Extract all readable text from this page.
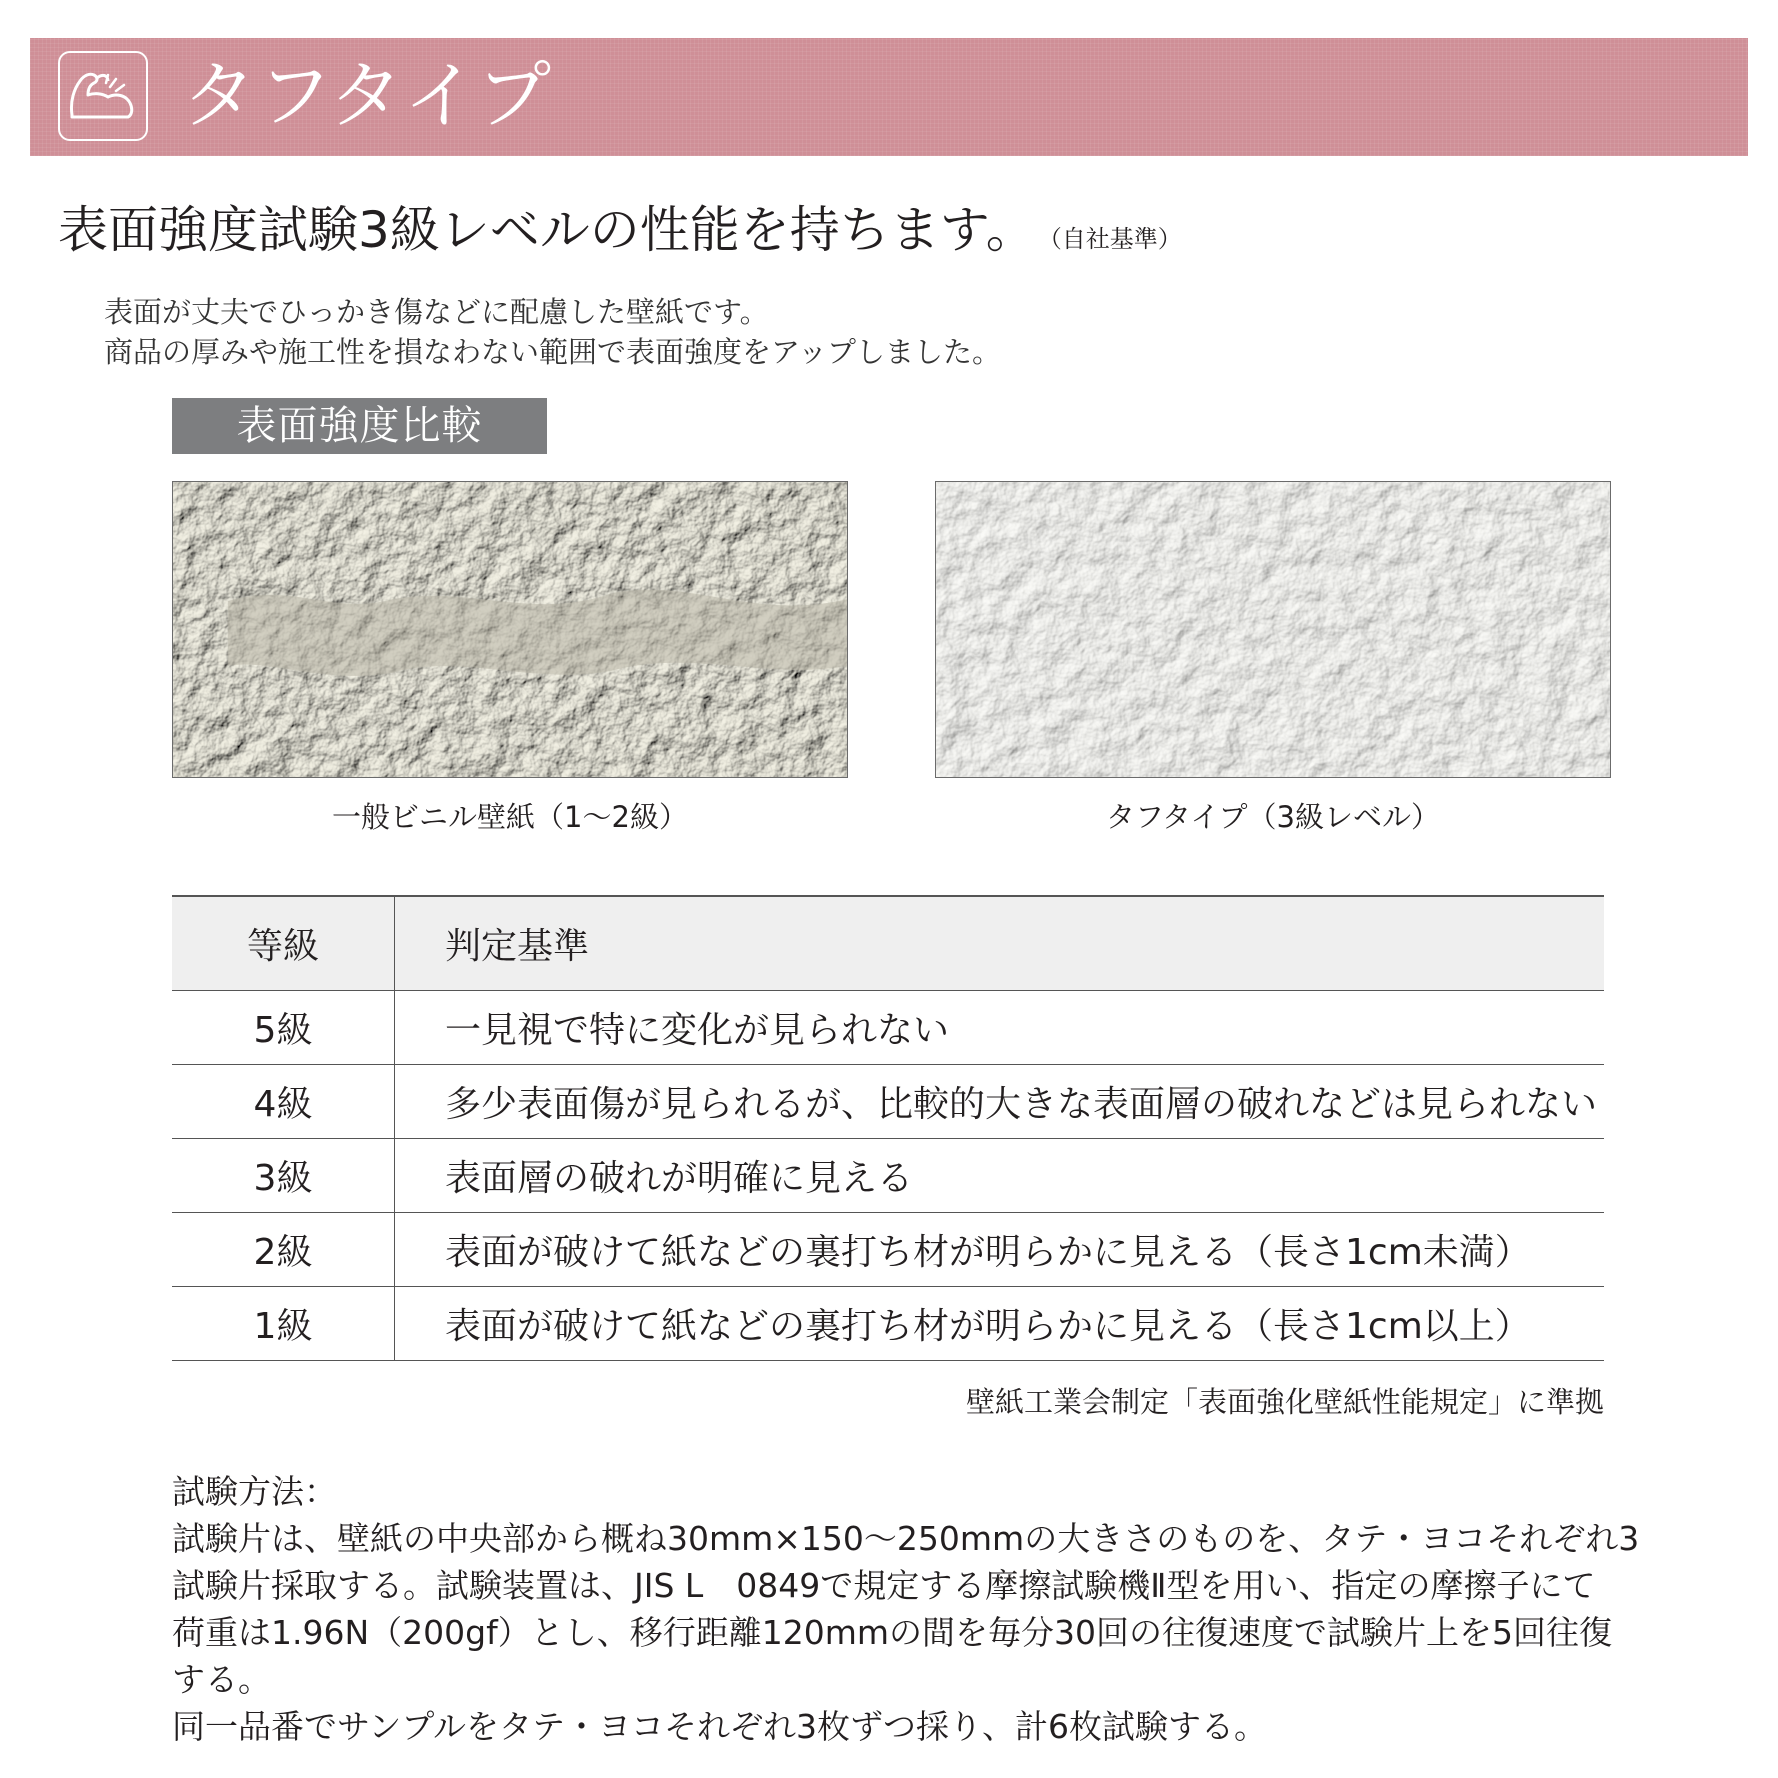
タフタイプ
表面強度試験3級レベルの性能を持ちます。 （自社基準）
表面が丈夫でひっかき傷などに配慮した壁紙です。
商品の厚みや施工性を損なわない範囲で表面強度をアップしました。
表面強度比較
一般ビニル壁紙（1～2級）	タフタイプ（3級レベル）
等級	判定基準
5級	一見視で特に変化が見られない
4級	多少表面傷が見られるが、比較的大きな表面層の破れなどは見られない
3級	表面層の破れが明確に見える
2級	表面が破けて紙などの裏打ち材が明らかに見える（長さ1cm未満）
1級	表面が破けて紙などの裏打ち材が明らかに見える（長さ1cm以上）
壁紙工業会制定「表面強化壁紙性能規定」に準拠
試験方法：
試験片は、壁紙の中央部から概ね30mm×150～250mmの大きさのものを、タテ・ヨコそれぞれ3
試験片採取する。試験装置は、JIS L　0849で規定する摩擦試験機Ⅱ型を用い、指定の摩擦子にて
荷重は1.96N（200gf）とし、移行距離120mmの間を毎分30回の往復速度で試験片上を5回往復
する。
同一品番でサンプルをタテ・ヨコそれぞれ3枚ずつ採り、計6枚試験する。
